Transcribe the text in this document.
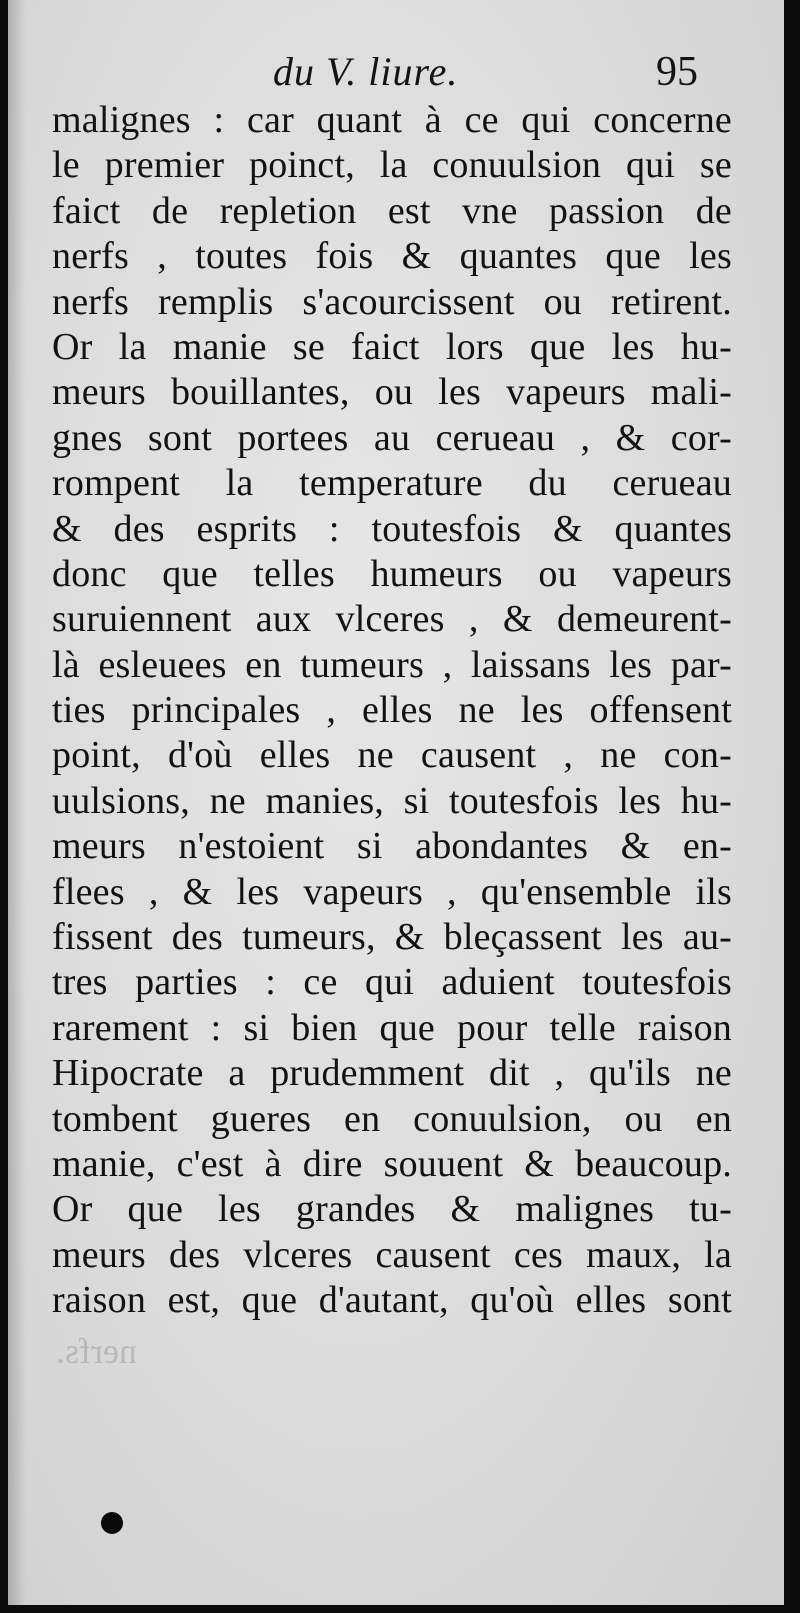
du V. liure.	95
malignes : car quant à ce qui concerne
le premier poinct, la conuulsion qui se
faict de repletion est vne passion de
nerfs , toutes fois & quantes que les
nerfs remplis s'acourcissent ou retirent.
Or la manie se faict lors que les hu-
meurs bouillantes, ou les vapeurs mali-
gnes sont portees au cerueau , & cor-
rompent la temperature du cerueau
& des esprits : toutesfois & quantes
donc que telles humeurs ou vapeurs
suruiennent aux vlceres , & demeurent-
là esleuees en tumeurs , laissans les par-
ties principales , elles ne les offensent
point, d'où elles ne causent , ne con-
uulsions, ne manies, si toutesfois les hu-
meurs n'estoient si abondantes & en-
flees , & les vapeurs , qu'ensemble ils
fissent des tumeurs, & bleçassent les au-
tres parties : ce qui aduient toutesfois
rarement : si bien que pour telle raison
Hipocrate a prudemment dit , qu'ils ne
tombent gueres en conuulsion, ou en
manie, c'est à dire souuent & beaucoup.
Or que les grandes & malignes tu-
meurs des vlceres causent ces maux, la
raison est, que d'autant, qu'où elles sont
nerfs.
